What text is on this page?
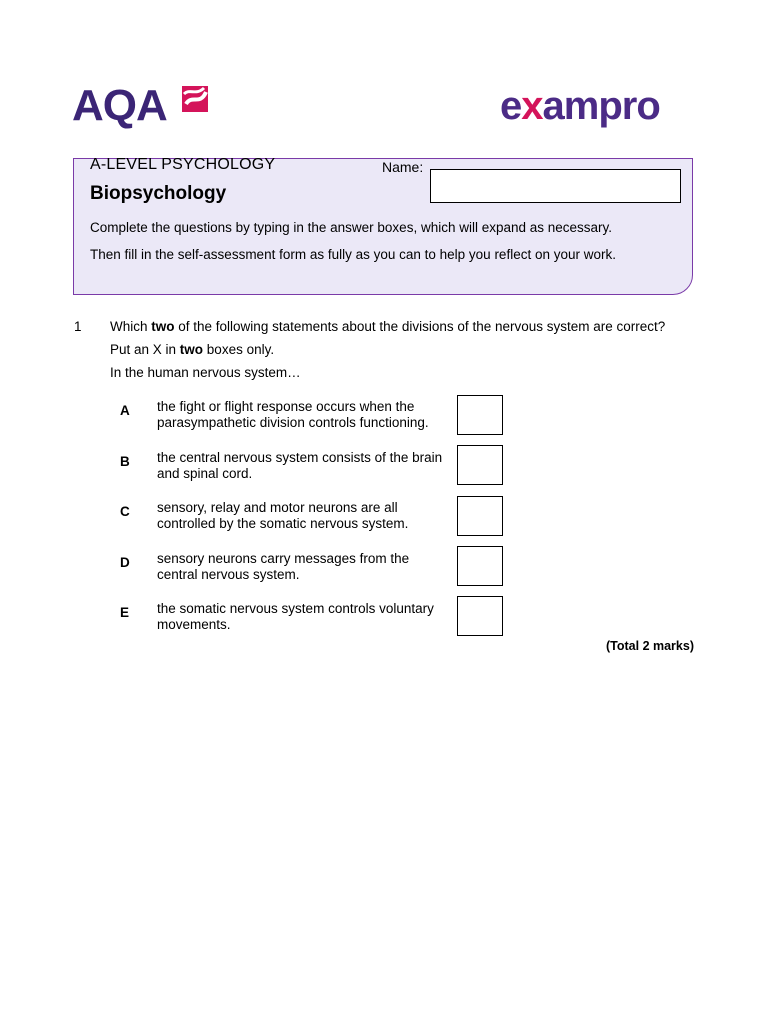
AQA	exampro
A-LEVEL PSYCHOLOGY
Biopsychology
Name:
Complete the questions by typing in the answer boxes, which will expand as necessary.
Then fill in the self-assessment form as fully as you can to help you reflect on your work.
1 Which two of the following statements about the divisions of the nervous system are correct?
Put an X in two boxes only.
In the human nervous system…
A the fight or flight response occurs when the parasympathetic division controls functioning.
B the central nervous system consists of the brain and spinal cord.
C sensory, relay and motor neurons are all controlled by the somatic nervous system.
D sensory neurons carry messages from the central nervous system.
E the somatic nervous system controls voluntary movements.
(Total 2 marks)
